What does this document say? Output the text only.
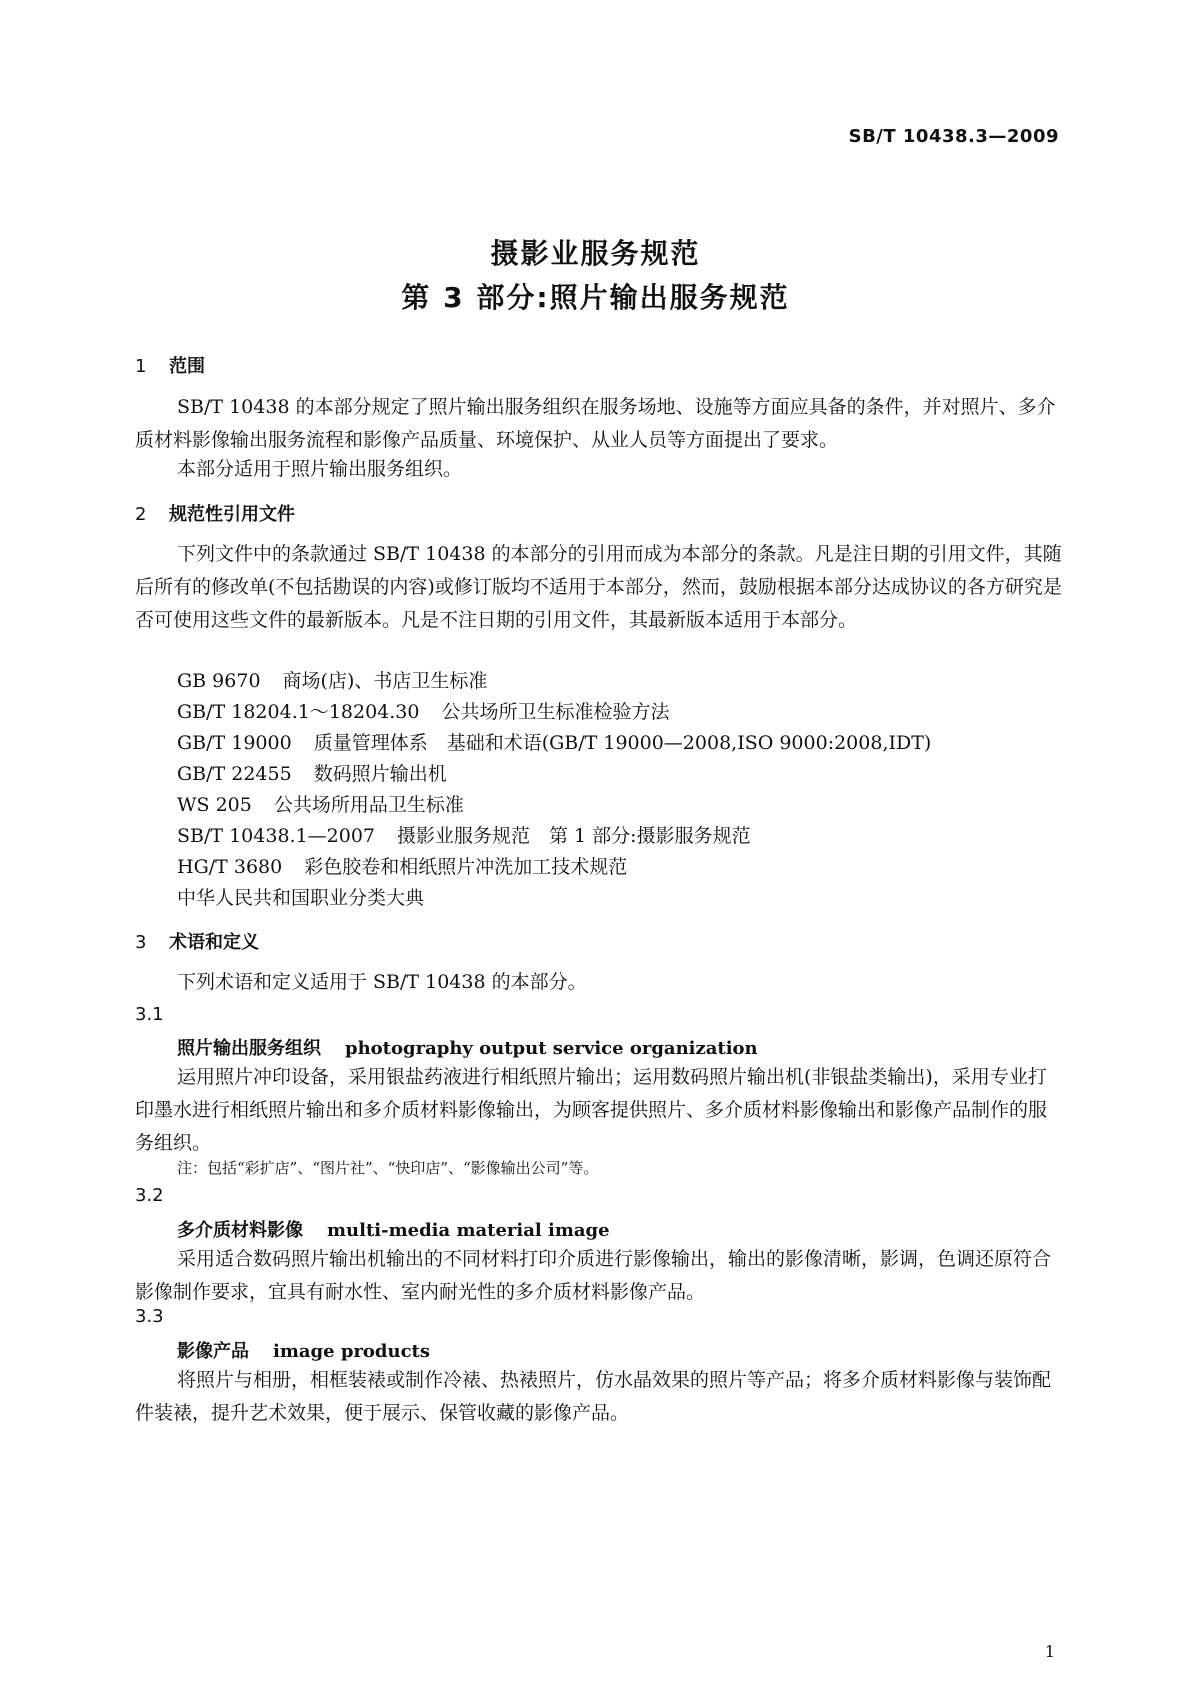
SB/T 10438.3—2009
摄影业服务规范
第 3 部分:照片输出服务规范
1 范围
SB/T 10438 的本部分规定了照片输出服务组织在服务场地、设施等方面应具备的条件，并对照片、多介质材料影像输出服务流程和影像产品质量、环境保护、从业人员等方面提出了要求。
本部分适用于照片输出服务组织。
2 规范性引用文件
下列文件中的条款通过 SB/T 10438 的本部分的引用而成为本部分的条款。凡是注日期的引用文件，其随后所有的修改单(不包括勘误的内容)或修订版均不适用于本部分，然而，鼓励根据本部分达成协议的各方研究是否可使用这些文件的最新版本。凡是不注日期的引用文件，其最新版本适用于本部分。
GB 9670 商场(店)、书店卫生标准
GB/T 18204.1～18204.30 公共场所卫生标准检验方法
GB/T 19000 质量管理体系　基础和术语(GB/T 19000—2008,ISO 9000:2008,IDT)
GB/T 22455 数码照片输出机
WS 205 公共场所用品卫生标准
SB/T 10438.1—2007 摄影业服务规范　第 1 部分:摄影服务规范
HG/T 3680 彩色胶卷和相纸照片冲洗加工技术规范
中华人民共和国职业分类大典
3 术语和定义
下列术语和定义适用于 SB/T 10438 的本部分。
3.1
照片输出服务组织 photography output service organization
运用照片冲印设备，采用银盐药液进行相纸照片输出；运用数码照片输出机(非银盐类输出)，采用专业打印墨水进行相纸照片输出和多介质材料影像输出，为顾客提供照片、多介质材料影像输出和影像产品制作的服务组织。
注：包括“彩扩店”、“图片社”、“快印店”、“影像输出公司”等。
3.2
多介质材料影像 multi-media material image
采用适合数码照片输出机输出的不同材料打印介质进行影像输出，输出的影像清晰，影调，色调还原符合影像制作要求，宜具有耐水性、室内耐光性的多介质材料影像产品。
3.3
影像产品 image products
将照片与相册，相框装裱或制作冷裱、热裱照片，仿水晶效果的照片等产品；将多介质材料影像与装饰配件装裱，提升艺术效果，便于展示、保管收藏的影像产品。
1
